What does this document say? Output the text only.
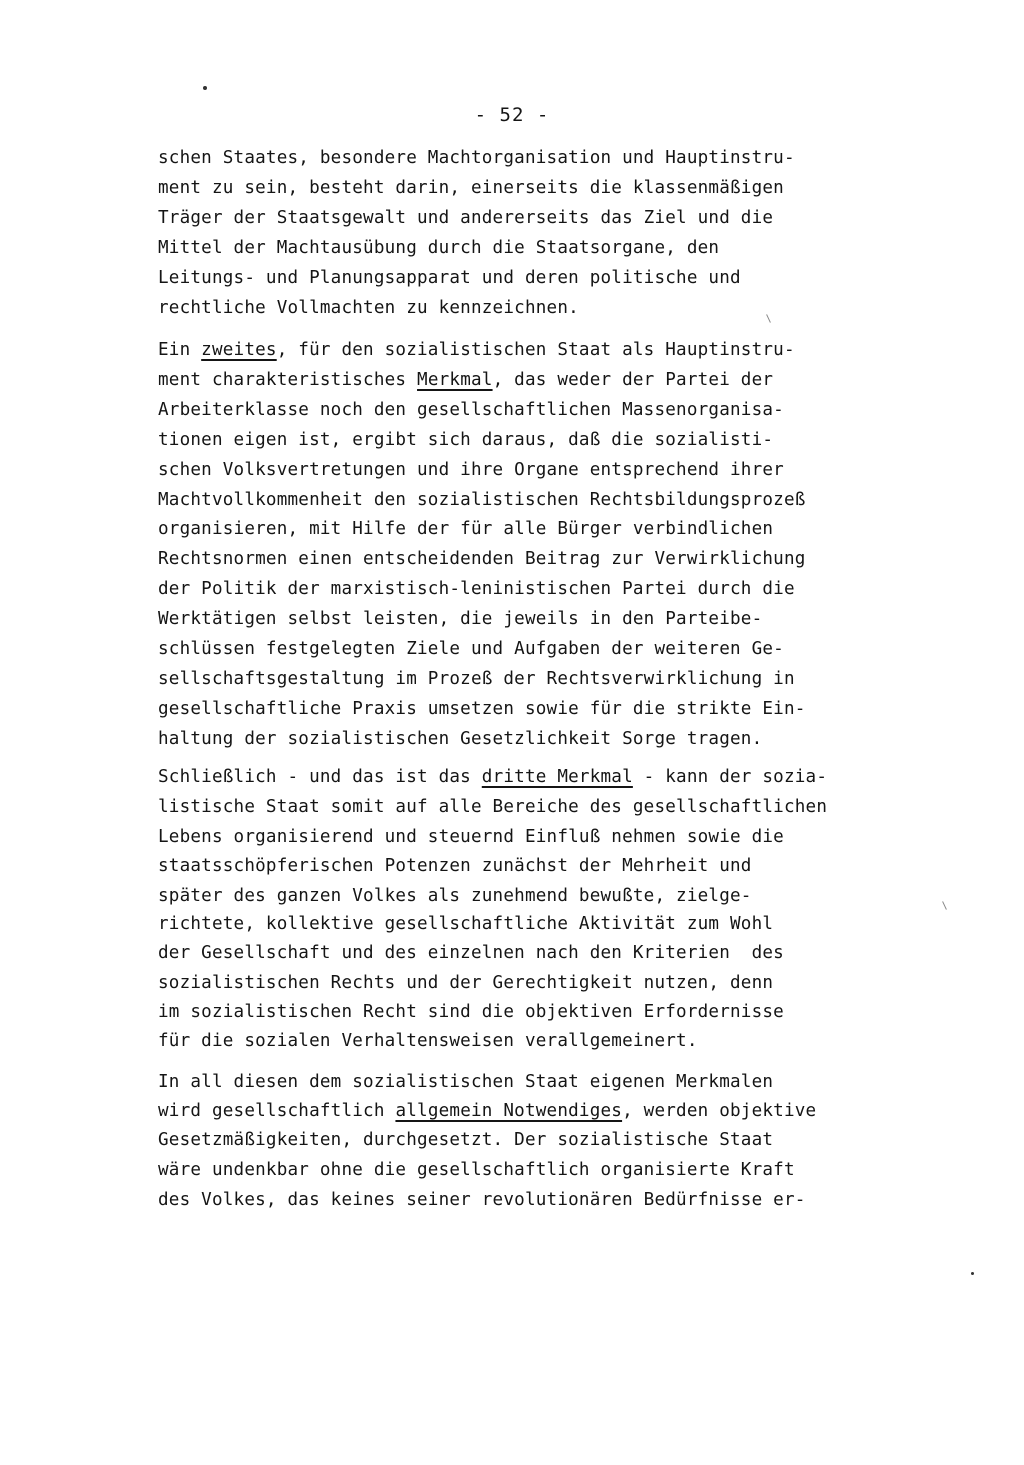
- 52 -
schen Staates, besondere Machtorganisation und Hauptinstru-
ment zu sein, besteht darin, einerseits die klassenmäßigen
Träger der Staatsgewalt und andererseits das Ziel und die
Mittel der Machtausübung durch die Staatsorgane, den
Leitungs- und Planungsapparat und deren politische und
rechtliche Vollmachten zu kennzeichnen.
Ein zweites, für den sozialistischen Staat als Hauptinstru-
ment charakteristisches Merkmal, das weder der Partei der
Arbeiterklasse noch den gesellschaftlichen Massenorganisa-
tionen eigen ist, ergibt sich daraus, daß die sozialisti-
schen Volksvertretungen und ihre Organe entsprechend ihrer
Machtvollkommenheit den sozialistischen Rechtsbildungsprozeß
organisieren, mit Hilfe der für alle Bürger verbindlichen
Rechtsnormen einen entscheidenden Beitrag zur Verwirklichung
der Politik der marxistisch-leninistischen Partei durch die
Werktätigen selbst leisten, die jeweils in den Parteibe-
schlüssen festgelegten Ziele und Aufgaben der weiteren Ge-
sellschaftsgestaltung im Prozeß der Rechtsverwirklichung in
gesellschaftliche Praxis umsetzen sowie für die strikte Ein-
haltung der sozialistischen Gesetzlichkeit Sorge tragen.
Schließlich - und das ist das dritte Merkmal - kann der sozia-
listische Staat somit auf alle Bereiche des gesellschaftlichen
Lebens organisierend und steuernd Einfluß nehmen sowie die
staatsschöpferischen Potenzen zunächst der Mehrheit und
später des ganzen Volkes als zunehmend bewußte, zielge-
richtete, kollektive gesellschaftliche Aktivität zum Wohl
der Gesellschaft und des einzelnen nach den Kriterien  des
sozialistischen Rechts und der Gerechtigkeit nutzen, denn
im sozialistischen Recht sind die objektiven Erfordernisse
für die sozialen Verhaltensweisen verallgemeinert.
In all diesen dem sozialistischen Staat eigenen Merkmalen
wird gesellschaftlich allgemein Notwendiges, werden objektive
Gesetzmäßigkeiten, durchgesetzt. Der sozialistische Staat
wäre undenkbar ohne die gesellschaftlich organisierte Kraft
des Volkes, das keines seiner revolutionären Bedürfnisse er-
